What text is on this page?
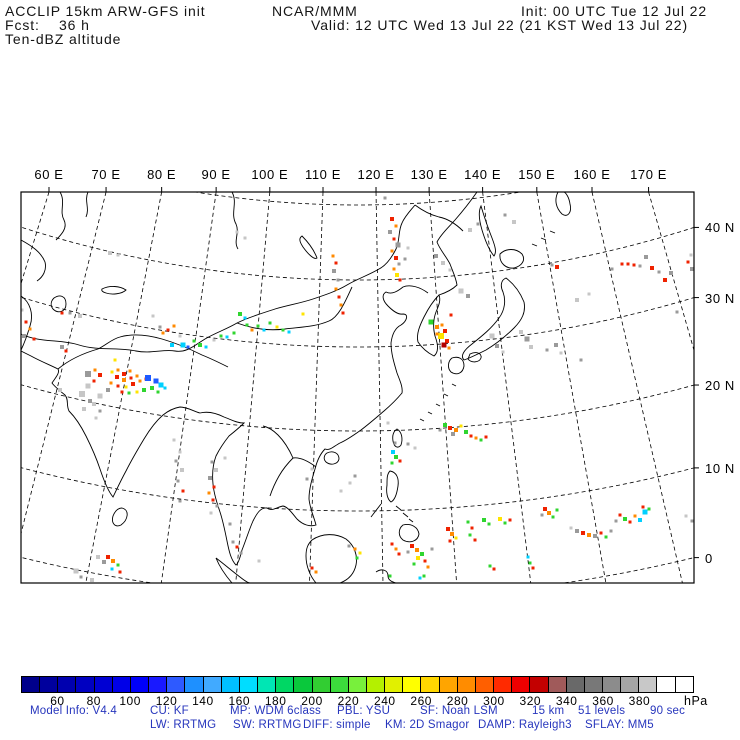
ACCLIP 15km ARW-GFS init
Fcst:    36 h
Ten-dBZ altitude
NCAR/MMM	Init: 00 UTC Tue 12 Jul 22
Valid: 12 UTC Wed 13 Jul 22 (21 KST Wed 13 Jul 22)
60 E 70 E 80 E 90 E 100 E 110 E 120 E 130 E 140 E 150 E 160 E 170 E
40 N
30 N
20 N
10 N
0
60 80 100 120 140 160 180 200 220 240 260 280 300 320 340 360 380	hPa
Model Info: V4.4	CU: KF	MP: WDM 6class PBL: YSU	SF: Noah LSM	15 km 51 levels 90 sec
LW: RRTMG SW: RRTMG DIFF: simple KM: 2D Smagor DAMP: Rayleigh3 SFLAY: MM5
